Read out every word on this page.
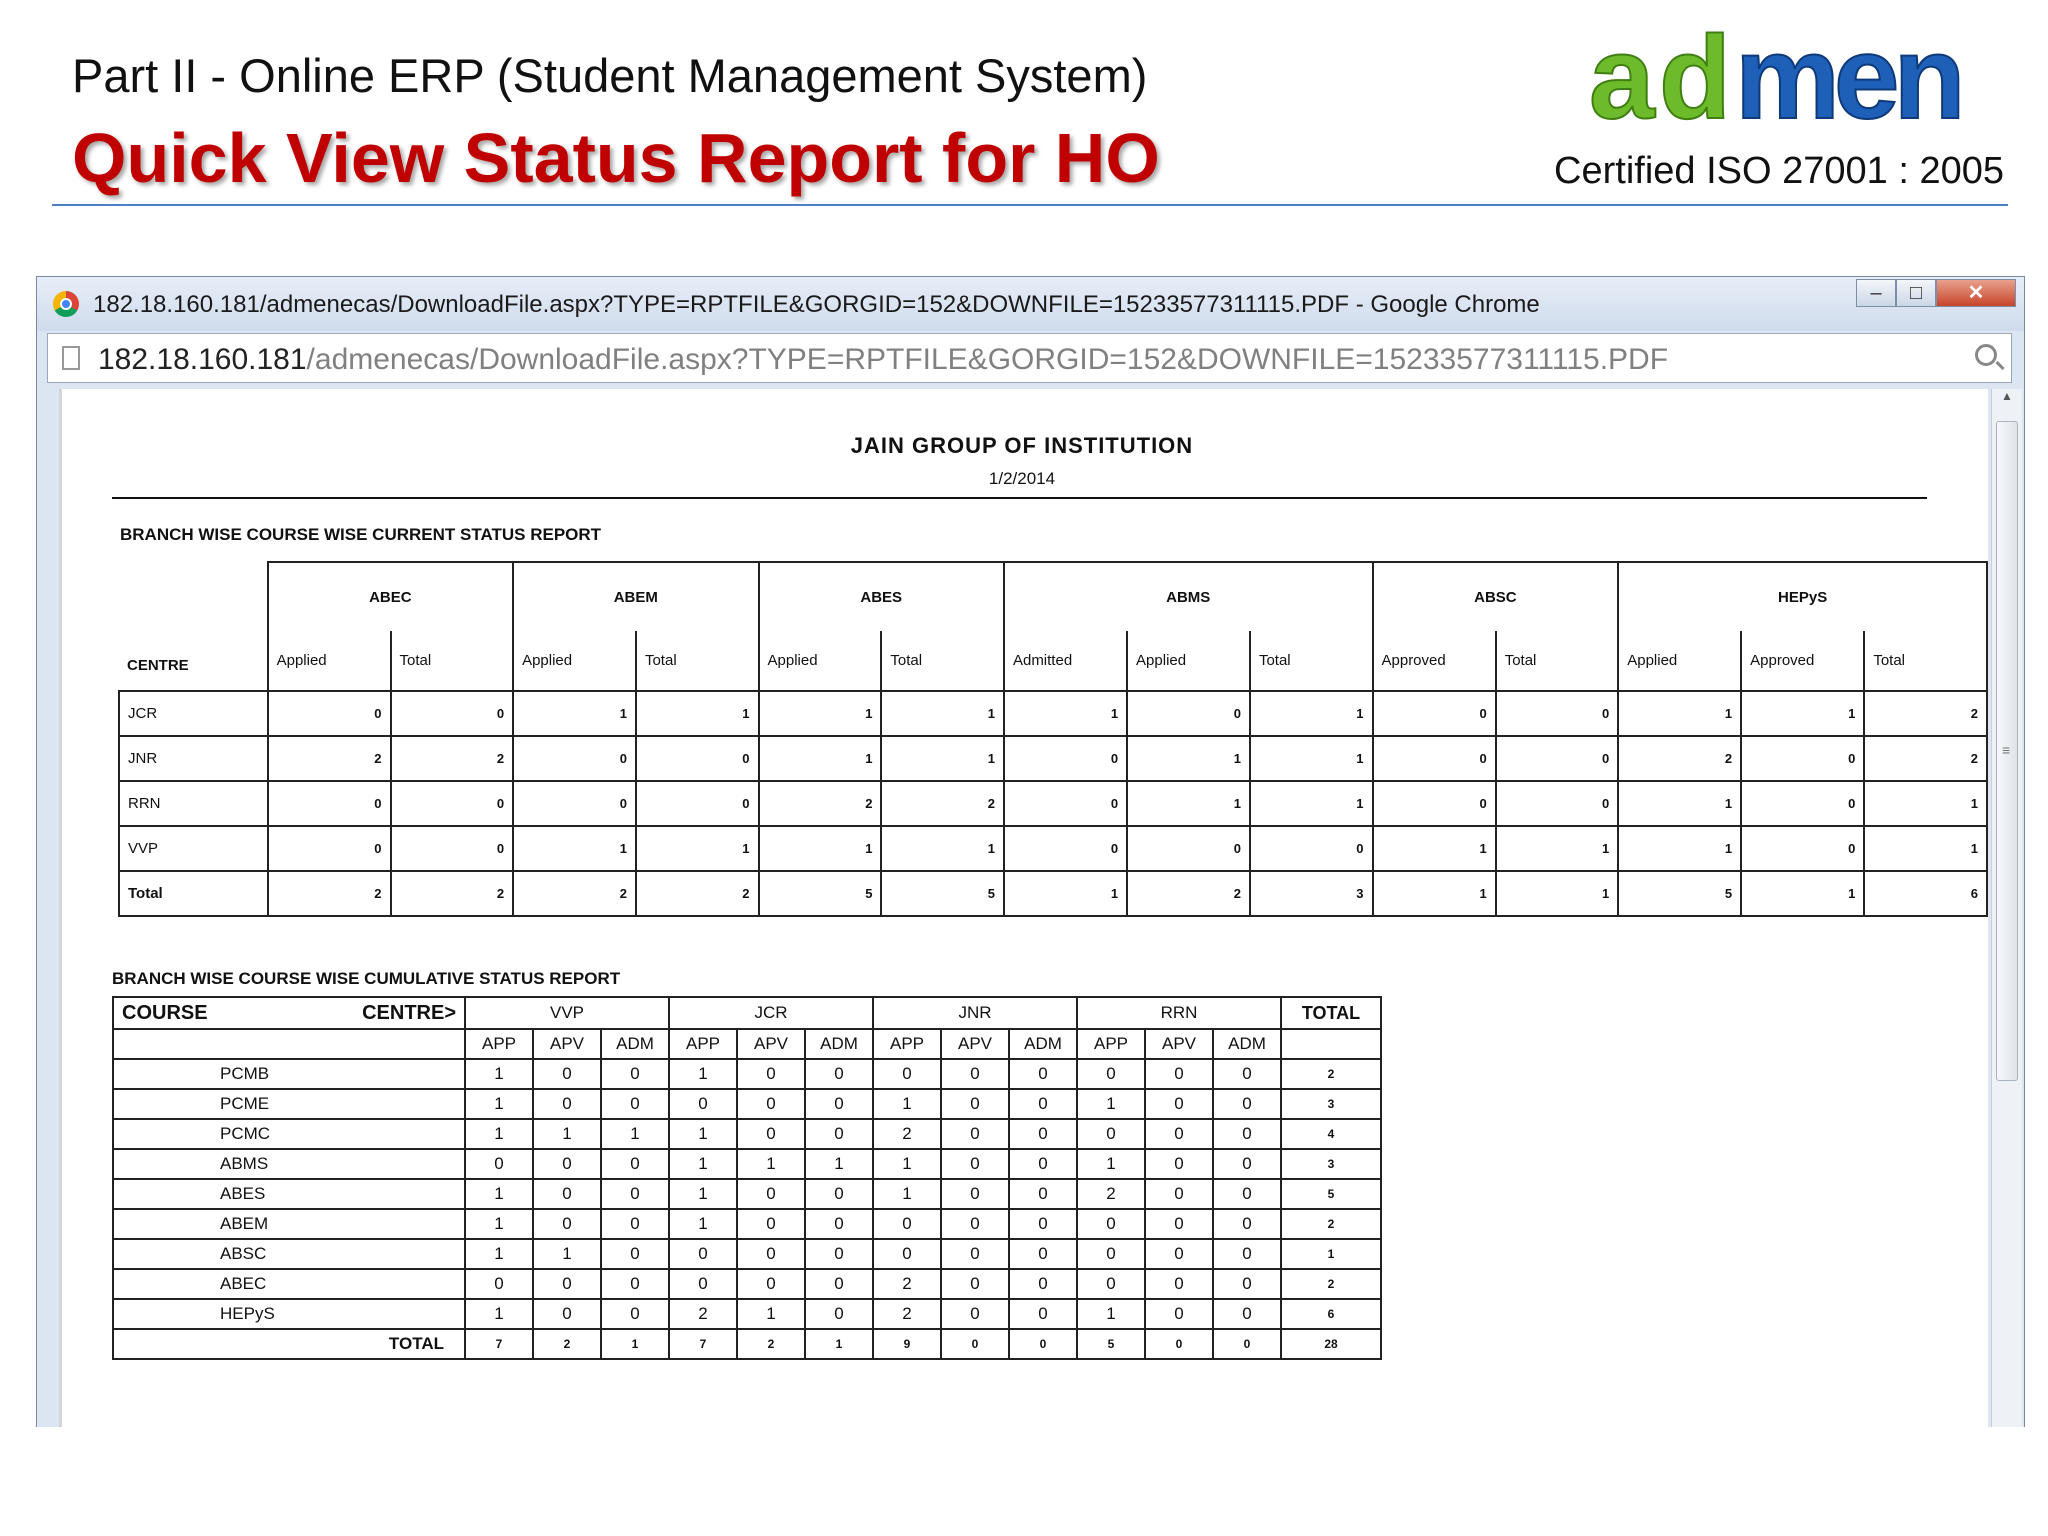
Part II - Online ERP (Student Management System)
Quick View Status Report for HO
a d men
Certified ISO 27001 : 2005
182.18.160.181/admenecas/DownloadFile.aspx?TYPE=RPTFILE&GORGID=152&DOWNFILE=15233577311115.PDF - Google Chrome	–	□	✕
182.18.160.181/admenecas/DownloadFile.aspx?TYPE=RPTFILE&GORGID=152&DOWNFILE=15233577311115.PDF
JAIN GROUP OF INSTITUTION
1/2/2014
BRANCH WISE COURSE WISE CURRENT STATUS REPORT
	ABEC		ABEM		ABES		ABMS			ABSC		HEPyS		
CENTRE	Applied	Total	Applied	Total	Applied	Total	Admitted	Applied	Total	Approved	Total	Applied	Approved	Total
JCR	0	0	1	1	1	1	1	0	1	0	0	1	1	2
JNR	2	2	0	0	1	1	0	1	1	0	0	2	0	2
RRN	0	0	0	0	2	2	0	1	1	0	0	1	0	1
VVP	0	0	1	1	1	1	0	0	0	1	1	1	0	1
Total	2	2	2	2	5	5	1	2	3	1	1	5	1	6
BRANCH WISE COURSE WISE CUMULATIVE STATUS REPORT
COURSE CENTRE>	VVP			JCR			JNR			RRN			TOTAL
	APP	APV	ADM	APP	APV	ADM	APP	APV	ADM	APP	APV	ADM	
PCMB	1	0	0	1	0	0	0	0	0	0	0	0	2
PCME	1	0	0	0	0	0	1	0	0	1	0	0	3
PCMC	1	1	1	1	0	0	2	0	0	0	0	0	4
ABMS	0	0	0	1	1	1	1	0	0	1	0	0	3
ABES	1	0	0	1	0	0	1	0	0	2	0	0	5
ABEM	1	0	0	1	0	0	0	0	0	0	0	0	2
ABSC	1	1	0	0	0	0	0	0	0	0	0	0	1
ABEC	0	0	0	0	0	0	2	0	0	0	0	0	2
HEPyS	1	0	0	2	1	0	2	0	0	1	0	0	6
TOTAL	7	2	1	7	2	1	9	0	0	5	0	0	28
▲
≡
